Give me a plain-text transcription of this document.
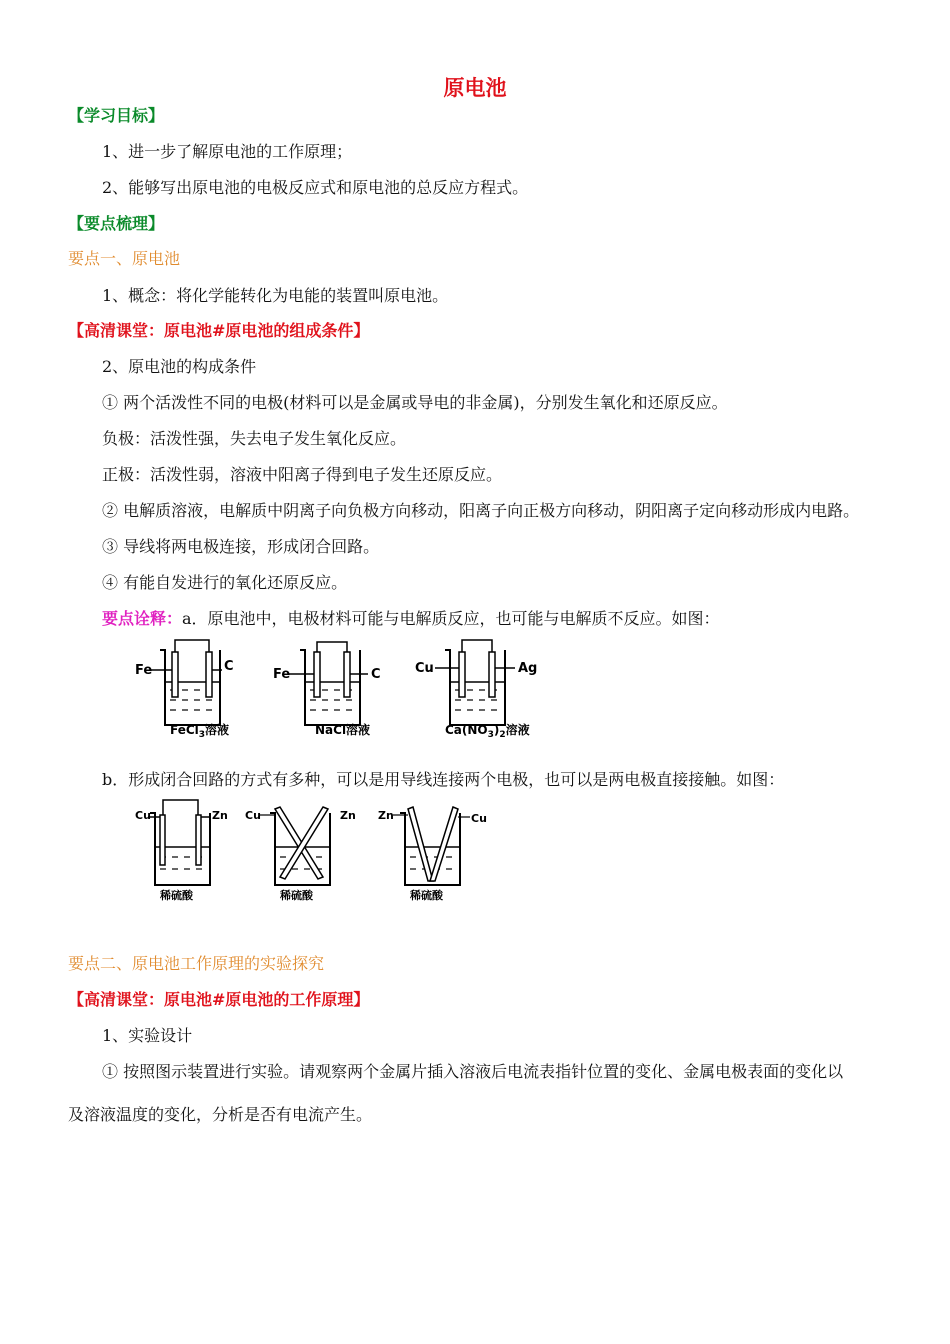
原电池
【学习目标】
1、进一步了解原电池的工作原理；
2、能够写出原电池的电极反应式和原电池的总反应方程式。
【要点梳理】
要点一、原电池
1、概念：将化学能转化为电能的装置叫原电池。
【高清课堂：原电池#原电池的组成条件】
2、原电池的构成条件
① 两个活泼性不同的电极(材料可以是金属或导电的非金属)，分别发生氧化和还原反应。
负极：活泼性强，失去电子发生氧化反应。
正极：活泼性弱，溶液中阳离子得到电子发生还原反应。
② 电解质溶液，电解质中阴离子向负极方向移动，阳离子向正极方向移动，阴阳离子定向移动形成内电路。
③ 导线将两电极连接，形成闭合回路。
④ 有能自发进行的氧化还原反应。
要点诠释：a．原电池中，电极材料可能与电解质反应，也可能与电解质不反应。如图：
Fe	C
FeCl$_3$溶液
Fe	C
NaCl溶液
Cu	Ag
$Ca(NO_3)_2$溶液
b．形成闭合回路的方式有多种，可以是用导线连接两个电极，也可以是两电极直接接触。如图：
Cu	Zn
稀硫酸
Cu	Zn
稀硫酸
Zn	Cu
稀硫酸
要点二、原电池工作原理的实验探究
【高清课堂：原电池#原电池的工作原理】
1、实验设计
① 按照图示装置进行实验。请观察两个金属片插入溶液后电流表指针位置的变化、金属电极表面的变化以
及溶液温度的变化，分析是否有电流产生。
